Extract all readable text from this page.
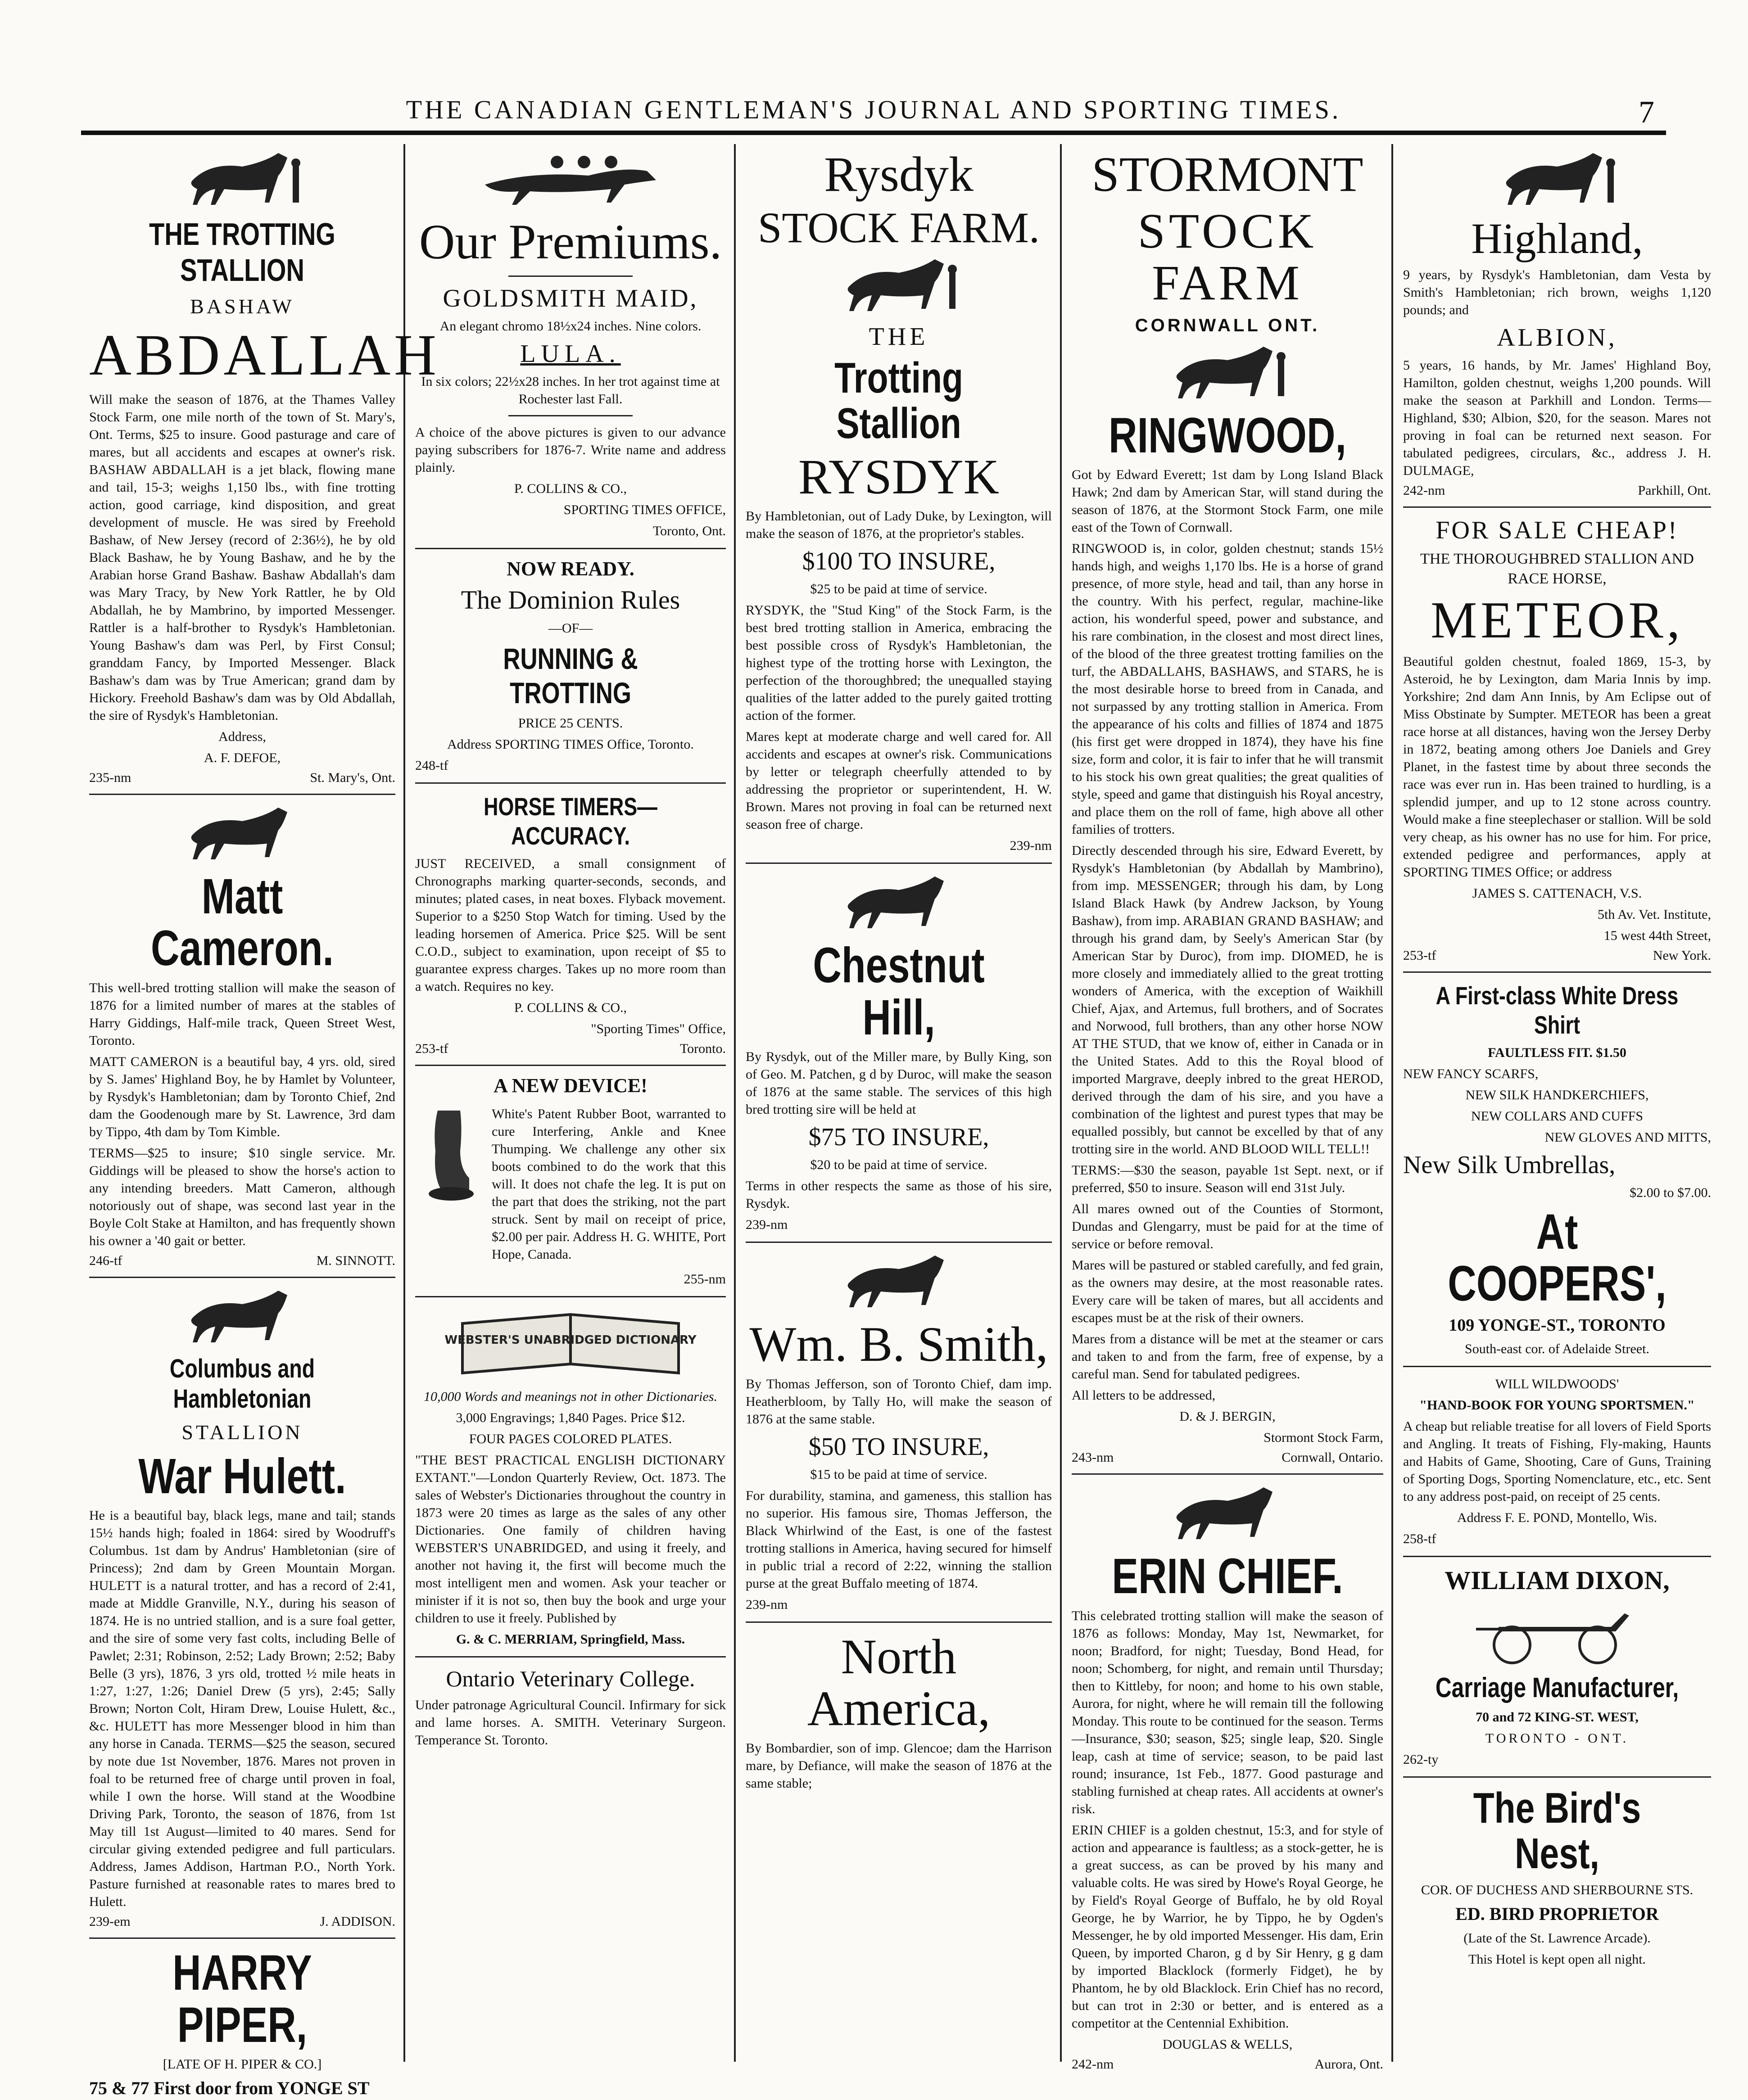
THE CANADIAN GENTLEMAN'S JOURNAL AND SPORTING TIMES.	7
THE TROTTING STALLION
BASHAW
ABDALLAH
Will make the season of 1876, at the Thames Valley Stock Farm, one mile north of the town of St. Mary's, Ont. Terms, $25 to insure. Good pasturage and care of mares, but all accidents and escapes at owner's risk. BASHAW ABDALLAH is a jet black, flowing mane and tail, 15-3; weighs 1,150 lbs., with fine trotting action, good carriage, kind disposition, and great development of muscle. He was sired by Freehold Bashaw, of New Jersey (record of 2:36½), he by old Black Bashaw, he by Young Bashaw, and he by the Arabian horse Grand Bashaw. Bashaw Abdallah's dam was Mary Tracy, by New York Rattler, he by Old Abdallah, he by Mambrino, by imported Messenger. Rattler is a half-brother to Rysdyk's Hambletonian. Young Bashaw's dam was Perl, by First Consul; granddam Fancy, by Imported Messenger. Black Bashaw's dam was by True American; grand dam by Hickory. Freehold Bashaw's dam was by Old Abdallah, the sire of Rysdyk's Hambletonian.
Address,
A. F. DEFOE,
235-nm	St. Mary's, Ont.
Matt Cameron.
This well-bred trotting stallion will make the season of 1876 for a limited number of mares at the stables of Harry Giddings, Half-mile track, Queen Street West, Toronto.
MATT CAMERON is a beautiful bay, 4 yrs. old, sired by S. James' Highland Boy, he by Hamlet by Volunteer, by Rysdyk's Hambletonian; dam by Toronto Chief, 2nd dam the Goodenough mare by St. Lawrence, 3rd dam by Tippo, 4th dam by Tom Kimble.
TERMS—$25 to insure; $10 single service. Mr. Giddings will be pleased to show the horse's action to any intending breeders. Matt Cameron, although notoriously out of shape, was second last year in the Boyle Colt Stake at Hamilton, and has frequently shown his owner a '40 gait or better.
246-tf	M. SINNOTT.
Columbus and Hambletonian
STALLION
War Hulett.
He is a beautiful bay, black legs, mane and tail; stands 15½ hands high; foaled in 1864: sired by Woodruff's Columbus. 1st dam by Andrus' Hambletonian (sire of Princess); 2nd dam by Green Mountain Morgan. HULETT is a natural trotter, and has a record of 2:41, made at Middle Granville, N.Y., during his season of 1874. He is no untried stallion, and is a sure foal getter, and the sire of some very fast colts, including Belle of Pawlet; 2:31; Robinson, 2:52; Lady Brown; 2:52; Baby Belle (3 yrs), 1876, 3 yrs old, trotted ½ mile heats in 1:27, 1:27, 1:26; Daniel Drew (5 yrs), 2:45; Sally Brown; Norton Colt, Hiram Drew, Louise Hulett, &c., &c. HULETT has more Messenger blood in him than any horse in Canada. TERMS—$25 the season, secured by note due 1st November, 1876. Mares not proven in foal to be returned free of charge until proven in foal, while I own the horse. Will stand at the Woodbine Driving Park, Toronto, the season of 1876, from 1st May till 1st August—limited to 40 mares. Send for circular giving extended pedigree and full particulars. Address, James Addison, Hartman P.O., North York. Pasture furnished at reasonable rates to mares bred to Hulett.
239-em	J. ADDISON.
HARRY PIPER,
[LATE OF H. PIPER & CO.]
75 & 77 First door from YONGE ST
Our Premiums.
GOLDSMITH MAID,
An elegant chromo 18½x24 inches. Nine colors.
LULA.
In six colors; 22½x28 inches. In her trot against time at Rochester last Fall.
A choice of the above pictures is given to our advance paying subscribers for 1876-7. Write name and address plainly.
P. COLLINS & CO.,
SPORTING TIMES OFFICE,
Toronto, Ont.
NOW READY.
The Dominion Rules
—OF—
RUNNING & TROTTING
PRICE 25 CENTS.
Address SPORTING TIMES Office, Toronto.
248-tf
HORSE TIMERS—ACCURACY.
JUST RECEIVED, a small consignment of Chronographs marking quarter-seconds, seconds, and minutes; plated cases, in neat boxes. Flyback movement. Superior to a $250 Stop Watch for timing. Used by the leading horsemen of America. Price $25. Will be sent C.O.D., subject to examination, upon receipt of $5 to guarantee express charges. Takes up no more room than a watch. Requires no key.
P. COLLINS & CO.,
"Sporting Times" Office,
253-tf	Toronto.
A NEW DEVICE!
White's Patent Rubber Boot, warranted to cure Interfering, Ankle and Knee Thumping. We challenge any other six boots combined to do the work that this will. It does not chafe the leg. It is put on the part that does the striking, not the part struck. Sent by mail on receipt of price, $2.00 per pair. Address H. G. WHITE, Port Hope, Canada.
255-nm
WEBSTER'S UNABRIDGED DICTIONARY
10,000 Words and meanings not in other Dictionaries.
3,000 Engravings; 1,840 Pages. Price $12.
FOUR PAGES COLORED PLATES.
"THE BEST PRACTICAL ENGLISH DICTIONARY EXTANT."—London Quarterly Review, Oct. 1873. The sales of Webster's Dictionaries throughout the country in 1873 were 20 times as large as the sales of any other Dictionaries. One family of children having WEBSTER'S UNABRIDGED, and using it freely, and another not having it, the first will become much the most intelligent men and women. Ask your teacher or minister if it is not so, then buy the book and urge your children to use it freely. Published by
G. & C. MERRIAM, Springfield, Mass.
Ontario Veterinary College.
Under patronage Agricultural Council. Infirmary for sick and lame horses. A. SMITH. Veterinary Surgeon. Temperance St. Toronto.
Rysdyk
STOCK FARM.
THE
Trotting Stallion
RYSDYK
By Hambletonian, out of Lady Duke, by Lexington, will make the season of 1876, at the proprietor's stables.
$100 TO INSURE,
$25 to be paid at time of service.
RYSDYK, the "Stud King" of the Stock Farm, is the best bred trotting stallion in America, embracing the best possible cross of Rysdyk's Hambletonian, the highest type of the trotting horse with Lexington, the perfection of the thoroughbred; the unequalled staying qualities of the latter added to the purely gaited trotting action of the former.
Mares kept at moderate charge and well cared for. All accidents and escapes at owner's risk. Communications by letter or telegraph cheerfully attended to by addressing the proprietor or superintendent, H. W. Brown. Mares not proving in foal can be returned next season free of charge.
239-nm
Chestnut Hill,
By Rysdyk, out of the Miller mare, by Bully King, son of Geo. M. Patchen, g d by Duroc, will make the season of 1876 at the same stable. The services of this high bred trotting sire will be held at
$75 TO INSURE,
$20 to be paid at time of service.
Terms in other respects the same as those of his sire, Rysdyk.
239-nm
Wm. B. Smith,
By Thomas Jefferson, son of Toronto Chief, dam imp. Heatherbloom, by Tally Ho, will make the season of 1876 at the same stable.
$50 TO INSURE,
$15 to be paid at time of service.
For durability, stamina, and gameness, this stallion has no superior. His famous sire, Thomas Jefferson, the Black Whirlwind of the East, is one of the fastest trotting stallions in America, having secured for himself in public trial a record of 2:22, winning the stallion purse at the great Buffalo meeting of 1874.
239-nm
North America,
By Bombardier, son of imp. Glencoe; dam the Harrison mare, by Defiance, will make the season of 1876 at the same stable;
STORMONT
STOCK FARM
CORNWALL ONT.
RINGWOOD,
Got by Edward Everett; 1st dam by Long Island Black Hawk; 2nd dam by American Star, will stand during the season of 1876, at the Stormont Stock Farm, one mile east of the Town of Cornwall.
RINGWOOD is, in color, golden chestnut; stands 15½ hands high, and weighs 1,170 lbs. He is a horse of grand presence, of more style, head and tail, than any horse in the country. With his perfect, regular, machine-like action, his wonderful speed, power and substance, and his rare combination, in the closest and most direct lines, of the blood of the three greatest trotting families on the turf, the ABDALLAHS, BASHAWS, and STARS, he is the most desirable horse to breed from in Canada, and not surpassed by any trotting stallion in America. From the appearance of his colts and fillies of 1874 and 1875 (his first get were dropped in 1874), they have his fine size, form and color, it is fair to infer that he will transmit to his stock his own great qualities; the great qualities of style, speed and game that distinguish his Royal ancestry, and place them on the roll of fame, high above all other families of trotters.
Directly descended through his sire, Edward Everett, by Rysdyk's Hambletonian (by Abdallah by Mambrino), from imp. MESSENGER; through his dam, by Long Island Black Hawk (by Andrew Jackson, by Young Bashaw), from imp. ARABIAN GRAND BASHAW; and through his grand dam, by Seely's American Star (by American Star by Duroc), from imp. DIOMED, he is more closely and immediately allied to the great trotting wonders of America, with the exception of Waikhill Chief, Ajax, and Artemus, full brothers, and of Socrates and Norwood, full brothers, than any other horse NOW AT THE STUD, that we know of, either in Canada or in the United States. Add to this the Royal blood of imported Margrave, deeply inbred to the great HEROD, derived through the dam of his sire, and you have a combination of the lightest and purest types that may be equalled possibly, but cannot be excelled by that of any trotting sire in the world. AND BLOOD WILL TELL!!
TERMS:—$30 the season, payable 1st Sept. next, or if preferred, $50 to insure. Season will end 31st July.
All mares owned out of the Counties of Stormont, Dundas and Glengarry, must be paid for at the time of service or before removal.
Mares will be pastured or stabled carefully, and fed grain, as the owners may desire, at the most reasonable rates. Every care will be taken of mares, but all accidents and escapes must be at the risk of their owners.
Mares from a distance will be met at the steamer or cars and taken to and from the farm, free of expense, by a careful man. Send for tabulated pedigrees.
All letters to be addressed,
D. & J. BERGIN,
Stormont Stock Farm,
243-nm	Cornwall, Ontario.
ERIN CHIEF.
This celebrated trotting stallion will make the season of 1876 as follows: Monday, May 1st, Newmarket, for noon; Bradford, for night; Tuesday, Bond Head, for noon; Schomberg, for night, and remain until Thursday; then to Kittleby, for noon; and home to his own stable, Aurora, for night, where he will remain till the following Monday. This route to be continued for the season. Terms—Insurance, $30; season, $25; single leap, $20. Single leap, cash at time of service; season, to be paid last round; insurance, 1st Feb., 1877. Good pasturage and stabling furnished at cheap rates. All accidents at owner's risk.
ERIN CHIEF is a golden chestnut, 15:3, and for style of action and appearance is faultless; as a stock-getter, he is a great success, as can be proved by his many and valuable colts. He was sired by Howe's Royal George, he by Field's Royal George of Buffalo, he by old Royal George, he by Warrior, he by Tippo, he by Ogden's Messenger, he by old imported Messenger. His dam, Erin Queen, by imported Charon, g d by Sir Henry, g g dam by imported Blacklock (formerly Fidget), he by Phantom, he by old Blacklock. Erin Chief has no record, but can trot in 2:30 or better, and is entered as a competitor at the Centennial Exhibition.
DOUGLAS & WELLS,
242-nm	Aurora, Ont.
Highland,
9 years, by Rysdyk's Hambletonian, dam Vesta by Smith's Hambletonian; rich brown, weighs 1,120 pounds; and
ALBION,
5 years, 16 hands, by Mr. James' Highland Boy, Hamilton, golden chestnut, weighs 1,200 pounds. Will make the season at Parkhill and London. Terms—Highland, $30; Albion, $20, for the season. Mares not proving in foal can be returned next season. For tabulated pedigrees, circulars, &c., address J. H. DULMAGE,
242-nm	Parkhill, Ont.
FOR SALE CHEAP!
THE THOROUGHBRED STALLION AND RACE HORSE,
METEOR,
Beautiful golden chestnut, foaled 1869, 15-3, by Asteroid, he by Lexington, dam Maria Innis by imp. Yorkshire; 2nd dam Ann Innis, by Am Eclipse out of Miss Obstinate by Sumpter. METEOR has been a great race horse at all distances, having won the Jersey Derby in 1872, beating among others Joe Daniels and Grey Planet, in the fastest time by about three seconds the race was ever run in. Has been trained to hurdling, is a splendid jumper, and up to 12 stone across country. Would make a fine steeplechaser or stallion. Will be sold very cheap, as his owner has no use for him. For price, extended pedigree and performances, apply at SPORTING TIMES Office; or address
JAMES S. CATTENACH, V.S.
5th Av. Vet. Institute,
15 west 44th Street,
253-tf	New York.
A First-class White Dress Shirt
FAULTLESS FIT. $1.50
NEW FANCY SCARFS,
NEW SILK HANDKERCHIEFS,
NEW COLLARS AND CUFFS
NEW GLOVES AND MITTS,
New Silk Umbrellas,
$2.00 to $7.00.
At COOPERS',
109 YONGE-ST., TORONTO
South-east cor. of Adelaide Street.
WILL WILDWOODS'
"HAND-BOOK FOR YOUNG SPORTSMEN."
A cheap but reliable treatise for all lovers of Field Sports and Angling. It treats of Fishing, Fly-making, Haunts and Habits of Game, Shooting, Care of Guns, Training of Sporting Dogs, Sporting Nomenclature, etc., etc. Sent to any address post-paid, on receipt of 25 cents.
Address F. E. POND, Montello, Wis.
258-tf
WILLIAM DIXON,
Carriage Manufacturer,
70 and 72 KING-ST. WEST,
TORONTO - ONT.
262-ty
The Bird's Nest,
COR. OF DUCHESS AND SHERBOURNE STS.
ED. BIRD PROPRIETOR
(Late of the St. Lawrence Arcade).
This Hotel is kept open all night.
